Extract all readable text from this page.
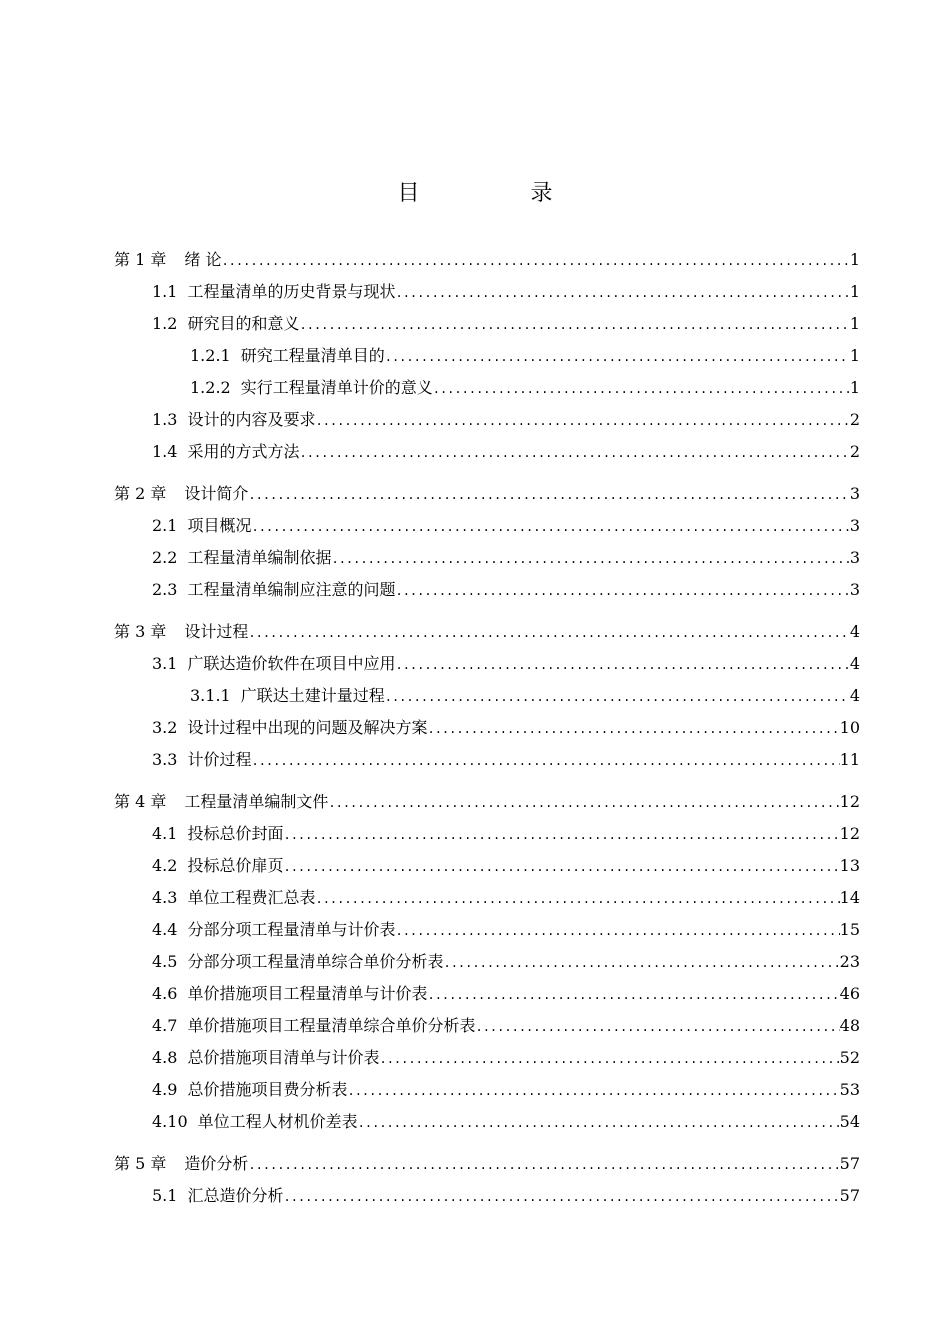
目 录
第 1 章 绪 论 .....	1
1.1 工程量清单的历史背景与现状 .....	1
1.2 研究目的和意义 .....	1
1.2.1 研究工程量清单目的 .....	1
1.2.2 实行工程量清单计价的意义 .....	1
1.3 设计的内容及要求 .....	2
1.4 采用的方式方法 .....	2
第 2 章 设计简介 .....	3
2.1 项目概况 .....	3
2.2 工程量清单编制依据 .....	3
2.3 工程量清单编制应注意的问题 .....	3
第 3 章 设计过程 .....	4
3.1 广联达造价软件在项目中应用 .....	4
3.1.1 广联达土建计量过程 .....	4
3.2 设计过程中出现的问题及解决方案 .....	10
3.3 计价过程 .....	11
第 4 章 工程量清单编制文件 .....	12
4.1 投标总价封面 .....	12
4.2 投标总价扉页 .....	13
4.3 单位工程费汇总表 .....	14
4.4 分部分项工程量清单与计价表 .....	15
4.5 分部分项工程量清单综合单价分析表 .....	23
4.6 单价措施项目工程量清单与计价表 .....	46
4.7 单价措施项目工程量清单综合单价分析表 .....	48
4.8 总价措施项目清单与计价表 .....	52
4.9 总价措施项目费分析表 .....	53
4.10 单位工程人材机价差表 .....	54
第 5 章 造价分析 .....	57
5.1 汇总造价分析 .....	57
